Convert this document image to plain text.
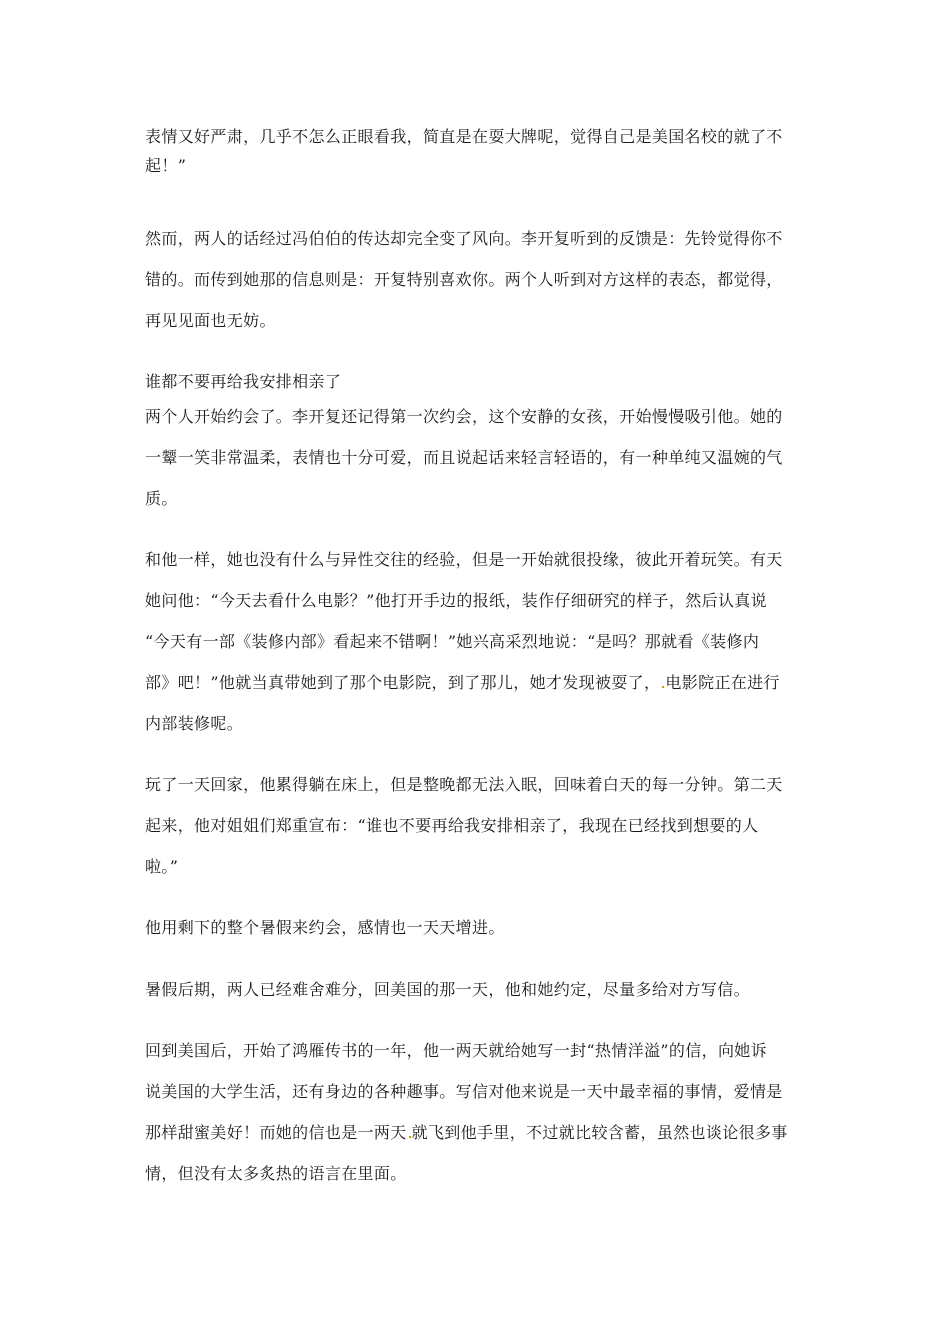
表情又好严肃，几乎不怎么正眼看我，简直是在耍大牌呢，觉得自己是美国名校的就了不
起！”
然而，两人的话经过冯伯伯的传达却完全变了风向。李开复听到的反馈是：先铃觉得你不
错的。而传到她那的信息则是：开复特别喜欢你。两个人听到对方这样的表态，都觉得，
再见见面也无妨。
谁都不要再给我安排相亲了
两个人开始约会了。李开复还记得第一次约会，这个安静的女孩，开始慢慢吸引他。她的
一颦一笑非常温柔，表情也十分可爱，而且说起话来轻言轻语的，有一种单纯又温婉的气
质。
和他一样，她也没有什么与异性交往的经验，但是一开始就很投缘，彼此开着玩笑。有天
她问他：“今天去看什么电影？”他打开手边的报纸，装作仔细研究的样子，然后认真说
“今天有一部《装修内部》看起来不错啊！”她兴高采烈地说：“是吗？那就看《装修内
部》吧！”他就当真带她到了那个电影院，到了那儿，她才发现被耍了， 电影院正在进行
内部装修呢。
玩了一天回家，他累得躺在床上，但是整晚都无法入眠，回味着白天的每一分钟。第二天
起来，他对姐姐们郑重宣布：“谁也不要再给我安排相亲了，我现在已经找到想要的人
啦。”
他用剩下的整个暑假来约会，感情也一天天增进。
暑假后期，两人已经难舍难分，回美国的那一天，他和她约定，尽量多给对方写信。
回到美国后，开始了鸿雁传书的一年，他一两天就给她写一封“热情洋溢”的信，向她诉
说美国的大学生活，还有身边的各种趣事。写信对他来说是一天中最幸福的事情，爱情是
那样甜蜜美好！而她的信也是一两天 就飞到他手里，不过就比较含蓄，虽然也谈论很多事
情，但没有太多炙热的语言在里面。
